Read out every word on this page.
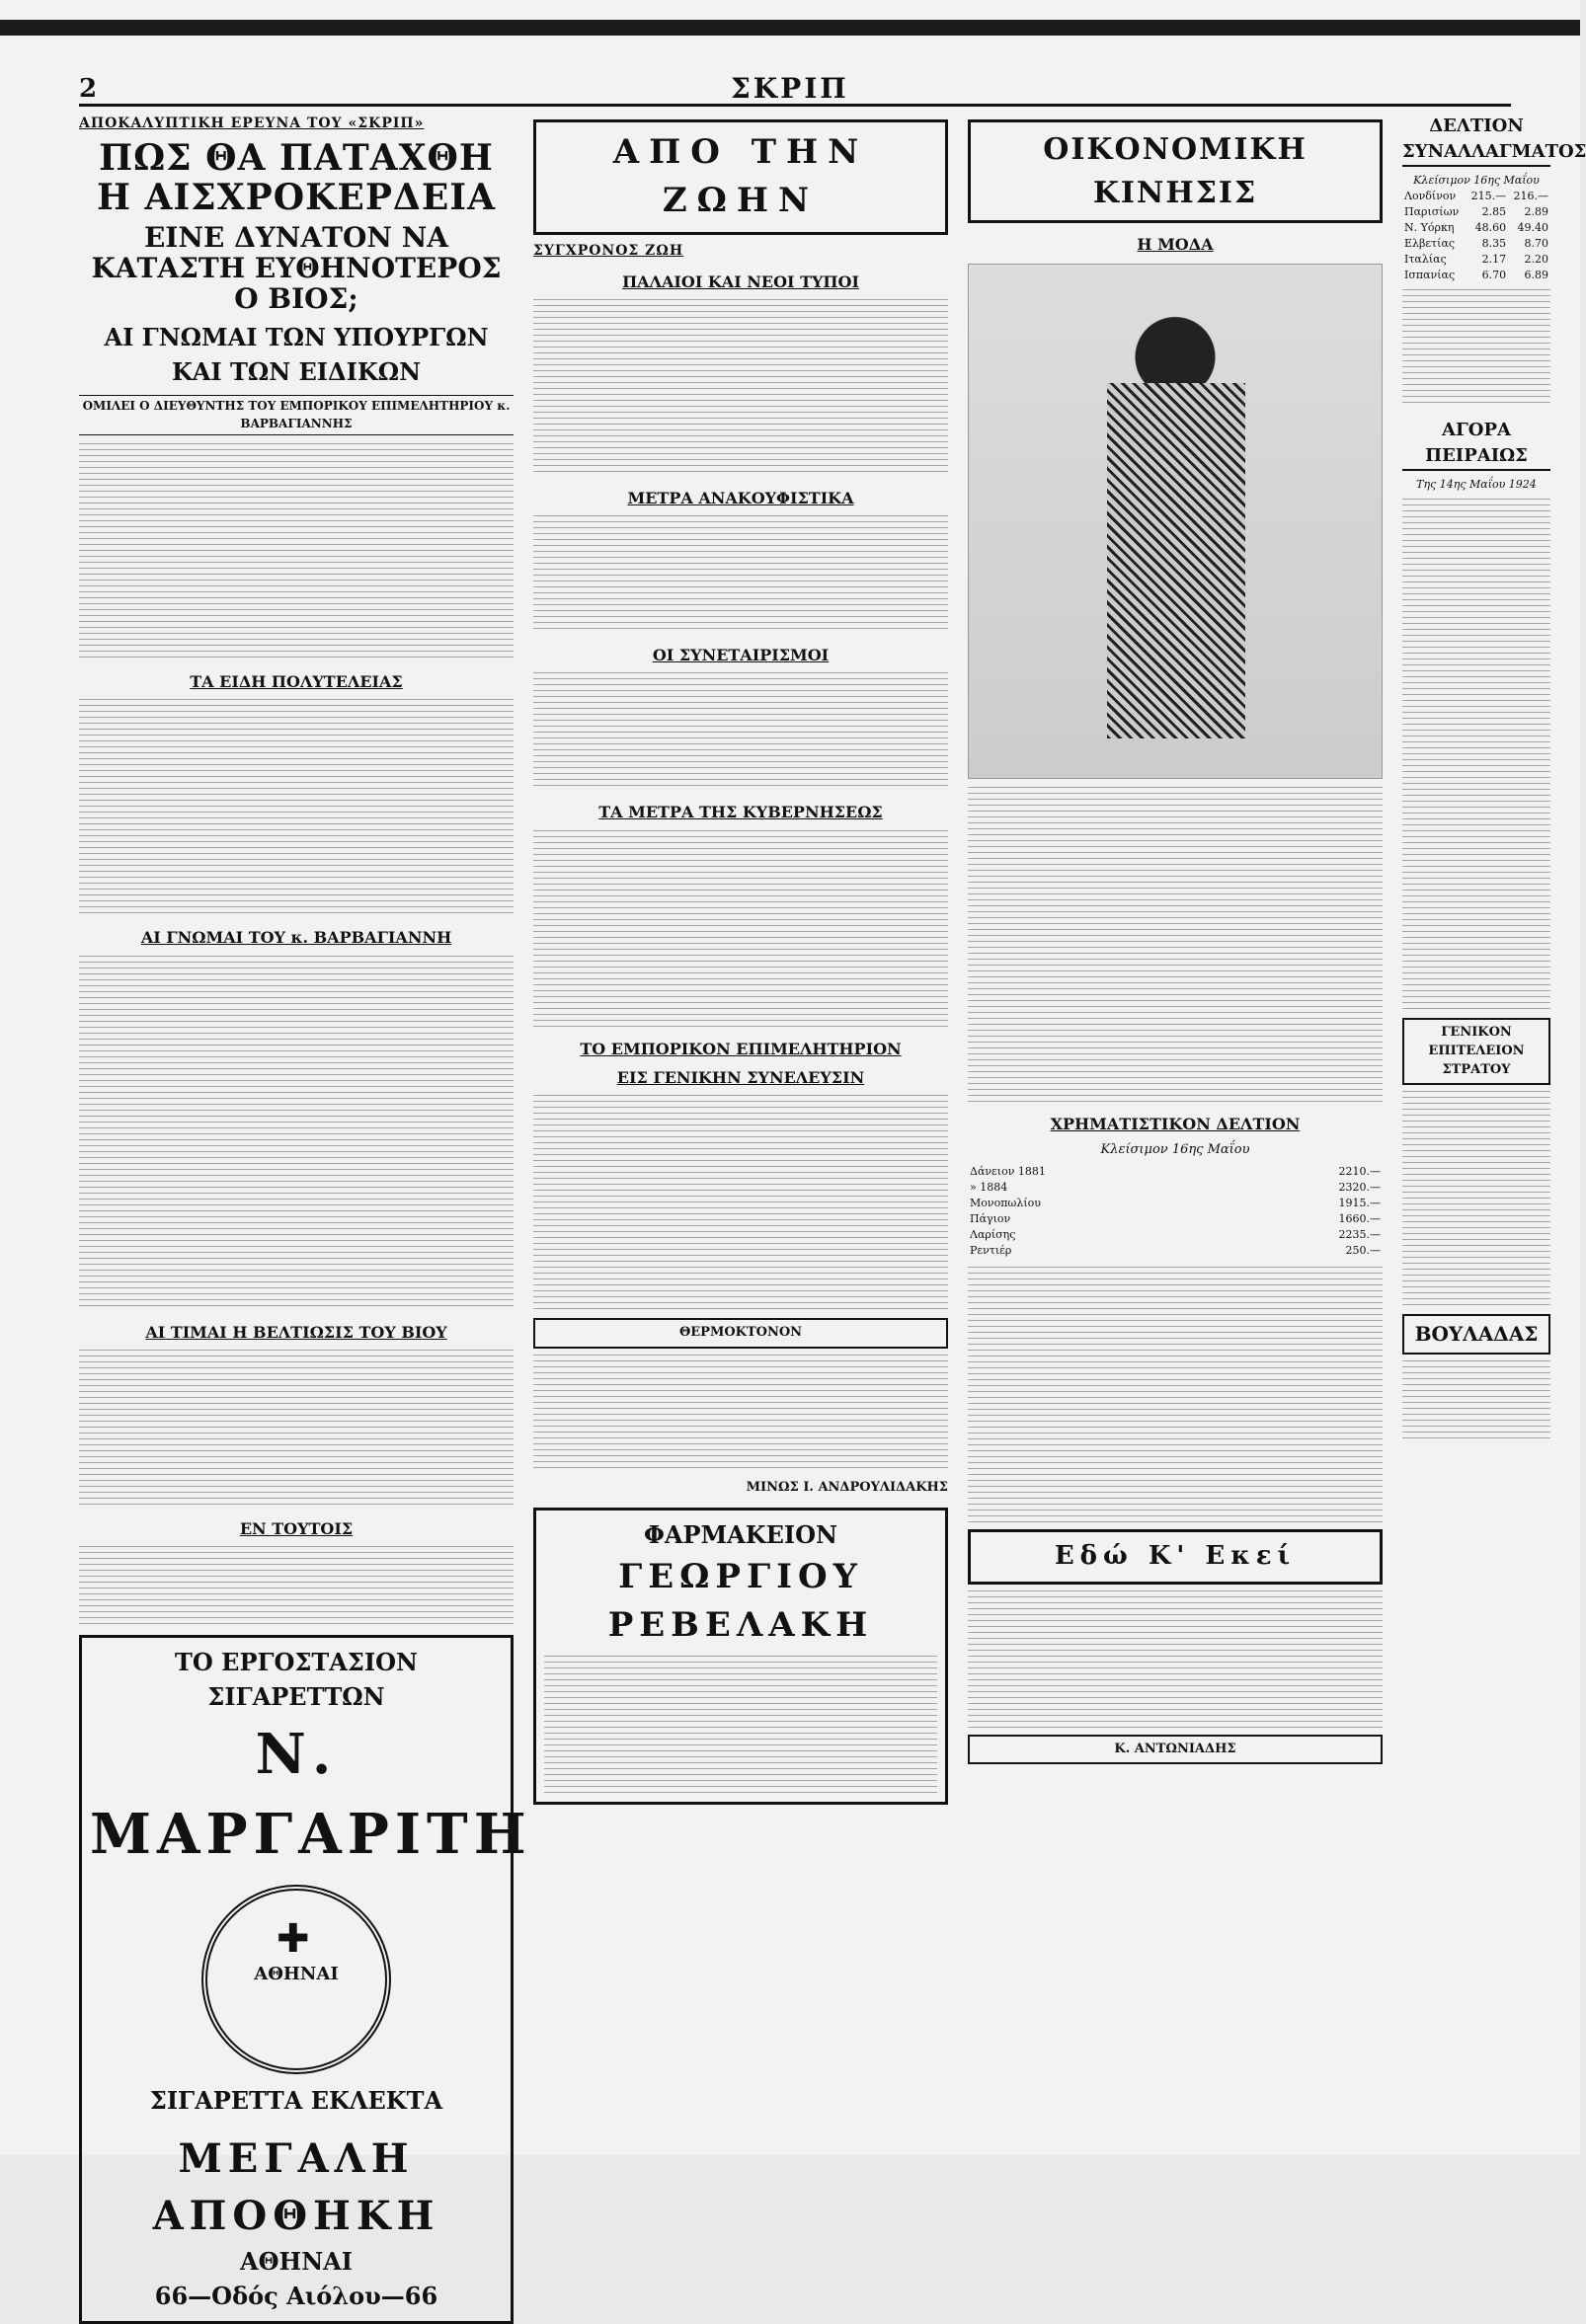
2	ΣΚΡΙΠ
ΑΠΟΚΑΛΥΠΤΙΚΗ ΕΡΕΥΝΑ ΤΟΥ «ΣΚΡΙΠ»
ΠΩΣ ΘΑ ΠΑΤΑΧΘΗ Η ΑΙΣΧΡΟΚΕΡΔΕΙΑ
ΕΙΝΕ ΔΥΝΑΤΟΝ ΝΑ ΚΑΤΑΣΤΗ ΕΥΘΗΝΟΤΕΡΟΣ Ο ΒΙΟΣ;
ΑΙ ΓΝΩΜΑΙ ΤΩΝ ΥΠΟΥΡΓΩΝ ΚΑΙ ΤΩΝ ΕΙΔΙΚΩΝ
ΟΜΙΛΕΙ Ο ΔΙΕΥΘΥΝΤΗΣ ΤΟΥ ΕΜΠΟΡΙΚΟΥ ΕΠΙΜΕΛΗΤΗΡΙΟΥ κ. ΒΑΡΒΑΓΙΑΝΝΗΣ
ΤΑ ΕΙΔΗ ΠΟΛΥΤΕΛΕΙΑΣ
ΑΙ ΓΝΩΜΑΙ ΤΟΥ κ. ΒΑΡΒΑΓΙΑΝΝΗ
ΑΙ ΤΙΜΑΙ Η ΒΕΛΤΙΩΣΙΣ ΤΟΥ ΒΙΟΥ
ΕΝ ΤΟΥΤΟΙΣ
ΤΟ ΕΡΓΟΣΤΑΣΙΟΝ ΣΙΓΑΡΕΤΤΩΝ
Ν. ΜΑΡΓΑΡΙΤΗ
✚
ΑΘΗΝΑΙ
ΣΙΓΑΡΕΤΤΑ ΕΚΛΕΚΤΑ
ΜΕΓΑΛΗ ΑΠΟΘΗΚΗ
ΑΘΗΝΑΙ
66—Οδός Αιόλου—66
ΑΠΟ ΤΗΝ ΖΩΗΝ
ΣΥΓΧΡΟΝΟΣ ΖΩΗ
ΠΑΛΑΙΟΙ ΚΑΙ ΝΕΟΙ ΤΥΠΟΙ
ΜΕΤΡΑ ΑΝΑΚΟΥΦΙΣΤΙΚΑ
ΟΙ ΣΥΝΕΤΑΙΡΙΣΜΟΙ
ΤΑ ΜΕΤΡΑ ΤΗΣ ΚΥΒΕΡΝΗΣΕΩΣ
ΤΟ ΕΜΠΟΡΙΚΟΝ ΕΠΙΜΕΛΗΤΗΡΙΟΝ
ΕΙΣ ΓΕΝΙΚΗΝ ΣΥΝΕΛΕΥΣΙΝ
ΘΕΡΜΟΚΤΟΝΟΝ
ΜΙΝΩΣ Ι. ΑΝΔΡΟΥΛΙΔΑΚΗΣ
ΦΑΡΜΑΚΕΙΟΝ
ΓΕΩΡΓΙΟΥ ΡΕΒΕΛΑΚΗ
ΟΙΚΟΝΟΜΙΚΗ ΚΙΝΗΣΙΣ
Η ΜΟΔΑ
ΧΡΗΜΑΤΙΣΤΙΚΟΝ ΔΕΛΤΙΟΝ
Κλείσιμον 16ης Μαΐου
Δάνειον 1881	2210.—
» 1884	2320.—
Μονοπωλίου	1915.—
Πάγιον	1660.—
Λαρίσης	2235.—
Ρεντιέρ	250.—
Εδώ Κ' Εκεί
Κ. ΑΝΤΩΝΙΑΔΗΣ
ΔΕΛΤΙΟΝ ΣΥΝΑΛΛΑΓΜΑΤΟΣ
Κλείσιμον 16ης Μαΐου
Λονδίνον	215.—	216.—
Παρισίων	2.85	2.89
Ν. Υόρκη	48.60	49.40
Ελβετίας	8.35	8.70
Ιταλίας	2.17	2.20
Ισπανίας	6.70	6.89
ΑΓΟΡΑ ΠΕΙΡΑΙΩΣ
Της 14ης Μαΐου 1924
ΓΕΝΙΚΟΝ ΕΠΙΤΕΛΕΙΟΝ ΣΤΡΑΤΟΥ
ΒΟΥΛΑΔΑΣ
